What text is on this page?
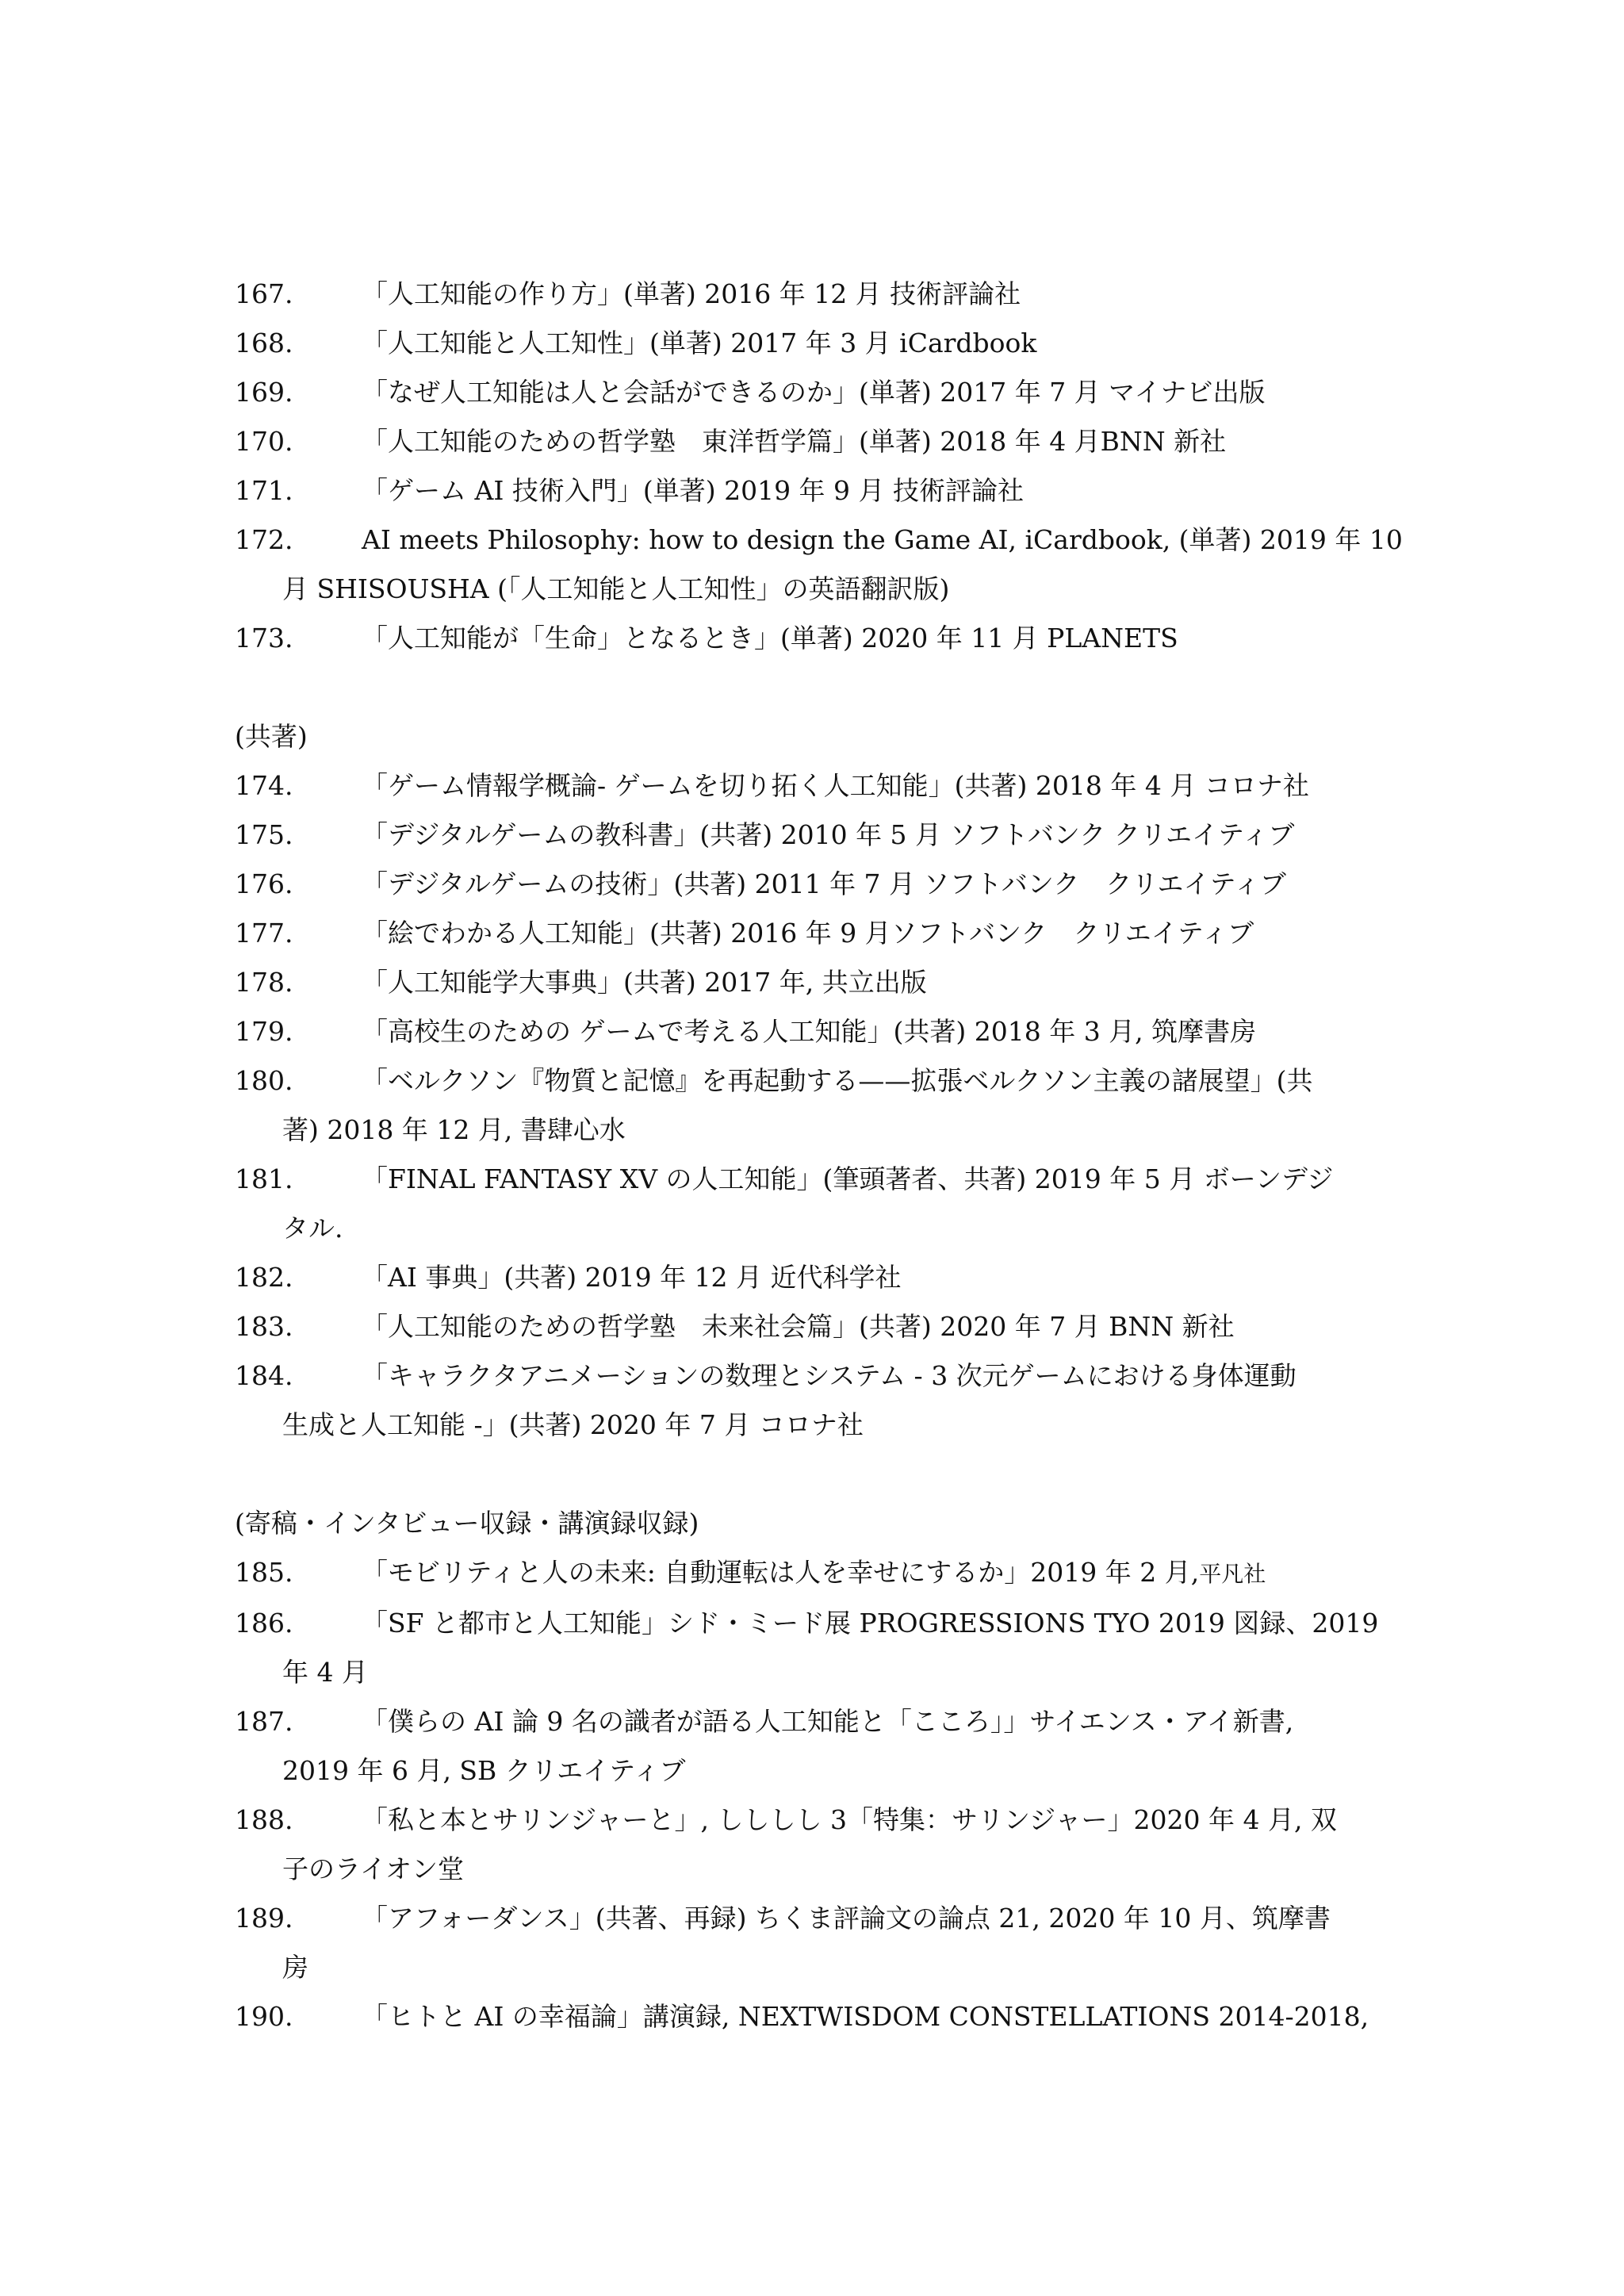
167.	「人工知能の作り方」(単著) 2016 年 12 月 技術評論社
168.	「人工知能と人工知性」(単著) 2017 年 3 月 iCardbook
169.	「なぜ人工知能は人と会話ができるのか」(単著) 2017 年 7 月 マイナビ出版
170.	「人工知能のための哲学塾　東洋哲学篇」(単著) 2018 年 4 月BNN 新社
171.	「ゲーム AI 技術入門」(単著) 2019 年 9 月 技術評論社
172.	AI meets Philosophy: how to design the Game AI, iCardbook, (単著) 2019 年 10
月 SHISOUSHA (「人工知能と人工知性」の英語翻訳版)
173.	「人工知能が「生命」となるとき」(単著) 2020 年 11 月 PLANETS
(共著)
174.	「ゲーム情報学概論- ゲームを切り拓く人工知能」(共著) 2018 年 4 月 コロナ社
175.	「デジタルゲームの教科書」(共著) 2010 年 5 月 ソフトバンク クリエイティブ
176.	「デジタルゲームの技術」(共著) 2011 年 7 月 ソフトバンク　クリエイティブ
177.	「絵でわかる人工知能」(共著) 2016 年 9 月ソフトバンク　クリエイティブ
178.	「人工知能学大事典」(共著) 2017 年, 共立出版
179.	「高校生のための ゲームで考える人工知能」(共著) 2018 年 3 月, 筑摩書房
180.	「ベルクソン『物質と記憶』を再起動する——拡張ベルクソン主義の諸展望」(共
著) 2018 年 12 月, 書肆心水
181.	「FINAL FANTASY XV の人工知能」(筆頭著者、共著) 2019 年 5 月 ボーンデジ
タル.
182.	「AI 事典」(共著) 2019 年 12 月 近代科学社
183.	「人工知能のための哲学塾　未来社会篇」(共著) 2020 年 7 月 BNN 新社
184.	「キャラクタアニメーションの数理とシステム - 3 次元ゲームにおける身体運動
生成と人工知能 -」(共著) 2020 年 7 月 コロナ社
(寄稿・インタビュー収録・講演録収録)
185.	「モビリティと人の未来: 自動運転は人を幸せにするか」2019 年 2 月,平凡社
186.	「SF と都市と人工知能」シド・ミード展 PROGRESSIONS TYO 2019 図録、2019
年 4 月
187.	「僕らの AI 論 9 名の識者が語る人工知能と「こころ」」サイエンス・アイ新書,
2019 年 6 月, SB クリエイティブ
188.	「私と本とサリンジャーと」, しししし 3「特集：サリンジャー」2020 年 4 月, 双
子のライオン堂
189.	「アフォーダンス」(共著、再録) ちくま評論文の論点 21, 2020 年 10 月、筑摩書
房
190.	「ヒトと AI の幸福論」講演録, NEXTWISDOM CONSTELLATIONS 2014-2018,
